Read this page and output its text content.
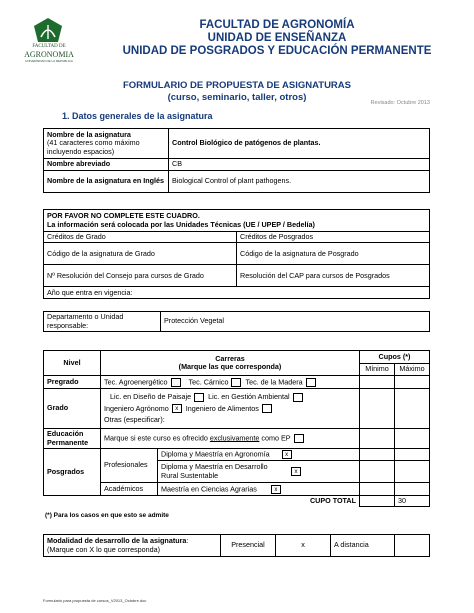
FACULTAD DE
AGRONOMIA
UNIVERSIDAD DE LA REPUBLICA
FACULTAD DE AGRONOMÍA
UNIDAD DE ENSEÑANZA
UNIDAD DE POSGRADOS Y EDUCACIÓN PERMANENTE
FORMULARIO DE PROPUESTA DE ASIGNATURAS
(curso, seminario, taller, otros)	Revisado: Octubre 2013
1. Datos generales de la asignatura
Nombre de la asignatura
(41 caracteres como máximo incluyendo espacios)	Control Biológico de patógenos de plantas.
Nombre abreviado	CB
Nombre de la asignatura en Inglés	Biological Control of plant pathogens.
POR FAVOR NO COMPLETE ESTE CUADRO.
La información será colocada por las Unidades Técnicas (UE / UPEP / Bedelía)	
Créditos de Grado	Créditos de Posgrados
Código de la asignatura de Grado	Código de la asignatura de Posgrado
Nº Resolución del Consejo para cursos de Grado	Resolución del CAP para cursos de Posgrados
Año que entra en vigencia:	
Departamento o Unidad responsable:	Protección Vegetal
Nivel	Carreras
(Marque las que corresponda)		Cupos (*)	
			Mínimo	Máximo
Pregrado	Tec. Agroenergético Tec. Cárnico Tec. de la Madera			
Grado	Lic. en Diseño de Paisaje Lic. en Gestión Ambiental
Ingeniero Agrónomo x Ingeniero de Alimentos
Otras (especificar):			
Educación Permanente	Marque si este curso es ofrecido exclusivamente como EP			
Posgrados	Profesionales	Diploma y Maestría en Agronomía x		
		Diploma y Maestría en Desarrollo Rural Sustentable x		
	Académicos	Maestría en Ciencias Agrarias x		
CUPO TOTAL				30
(*) Para los casos en que esto se admite
Modalidad de desarrollo de la asignatura:
(Marque con X lo que corresponda)	Presencial	x	A distancia	
Formulario para propuesta de cursos_V2013_Octubre.doc
